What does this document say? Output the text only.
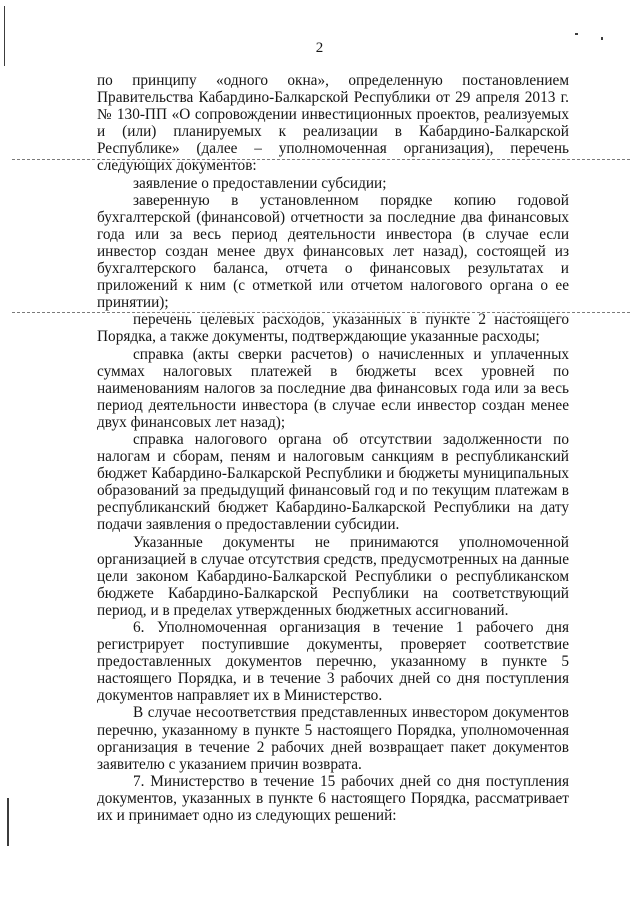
2

по принципу «одного окна», определенную постановлением Правительства Кабардино-Балкарской Республики от 29 апреля 2013 г. № 130-ПП «О сопровождении инвестиционных проектов, реализуемых и (или) планируемых к реализации в Кабардино-Балкарской Республике» (далее – уполномоченная организация), перечень следующих документов:

заявление о предоставлении субсидии;

заверенную в установленном порядке копию годовой бухгалтерской (финансовой) отчетности за последние два финансовых года или за весь период деятельности инвестора (в случае если инвестор создан менее двух финансовых лет назад), состоящей из бухгалтерского баланса, отчета о финансовых результатах и приложений к ним (с отметкой или отчетом налогового органа о ее принятии);

перечень целевых расходов, указанных в пункте 2 настоящего Порядка, а также документы, подтверждающие указанные расходы;

справка (акты сверки расчетов) о начисленных и уплаченных суммах налоговых платежей в бюджеты всех уровней по наименованиям налогов за последние два финансовых года или за весь период деятельности инвестора (в случае если инвестор создан менее двух финансовых лет назад);

справка налогового органа об отсутствии задолженности по налогам и сборам, пеням и налоговым санкциям в республиканский бюджет Кабардино-Балкарской Республики и бюджеты муниципальных образований за предыдущий финансовый год и по текущим платежам в республиканский бюджет Кабардино-Балкарской Республики на дату подачи заявления о предоставлении субсидии.

Указанные документы не принимаются уполномоченной организацией в случае отсутствия средств, предусмотренных на данные цели законом Кабардино-Балкарской Республики о республиканском бюджете Кабардино-Балкарской Республики на соответствующий период, и в пределах утвержденных бюджетных ассигнований.

6. Уполномоченная организация в течение 1 рабочего дня регистрирует поступившие документы, проверяет соответствие предоставленных документов перечню, указанному в пункте 5 настоящего Порядка, и в течение 3 рабочих дней со дня поступления документов направляет их в Министерство.

В случае несоответствия представленных инвестором документов перечню, указанному в пункте 5 настоящего Порядка, уполномоченная организация в течение 2 рабочих дней возвращает пакет документов заявителю с указанием причин возврата.

7. Министерство в течение 15 рабочих дней со дня поступления документов, указанных в пункте 6 настоящего Порядка, рассматривает их и принимает одно из следующих решений:
